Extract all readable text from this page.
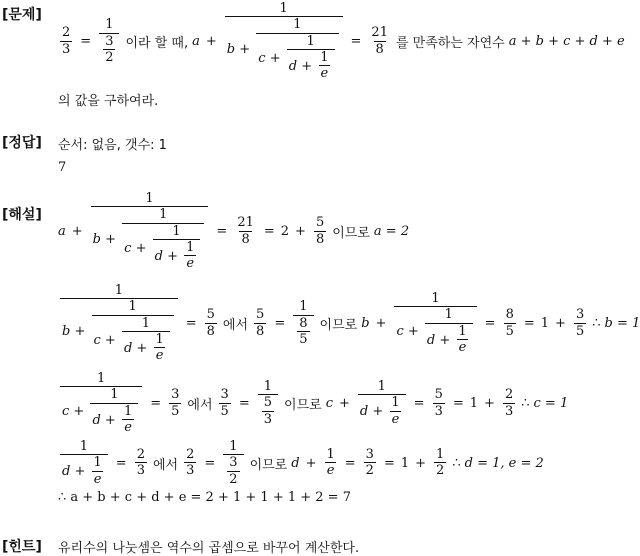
[문제]
$\frac{2}{3} = \frac{1}{\frac{3}{2}}$ 이라 할 때, $a + \frac{1}{b + \frac{1}{c + \frac{1}{d + \frac{1}{e}}}} = \frac{21}{8}$ 를 만족하는 자연수 a + b + c + d + e
의 값을 구하여라.
[정답] 순서: 없음, 갯수: 1
7
[해설]
$a + \frac{1}{b + \frac{1}{c + \frac{1}{d + \frac{1}{e}}}} = \frac{21}{8} = 2 + \frac{5}{8}$ 이므로 a = 2
$\frac{1}{b + \frac{1}{c + \frac{1}{d + \frac{1}{e}}}} = \frac{5}{8}$ 에서 $\frac{5}{8} = \frac{1}{\frac{8}{5}}$ 이므로 $b + \frac{1}{c + \frac{1}{d + \frac{1}{e}}} = \frac{8}{5} = 1 + \frac{3}{5}$ ∴ b = 1
$\frac{1}{c + \frac{1}{d + \frac{1}{e}}} = \frac{3}{5}$ 에서 $\frac{3}{5} = \frac{1}{\frac{5}{3}}$ 이므로 $c + \frac{1}{d + \frac{1}{e}} = \frac{5}{3} = 1 + \frac{2}{3}$ ∴ c = 1
$\frac{1}{d + \frac{1}{e}} = \frac{2}{3}$ 에서 $\frac{2}{3} = \frac{1}{\frac{3}{2}}$ 이므로 $d + \frac{1}{e} = \frac{3}{2} = 1 + \frac{1}{2}$ ∴ d = 1, e = 2
∴ a + b + c + d + e = 2 + 1 + 1 + 1 + 2 = 7
[힌트] 유리수의 나눗셈은 역수의 곱셈으로 바꾸어 계산한다.
